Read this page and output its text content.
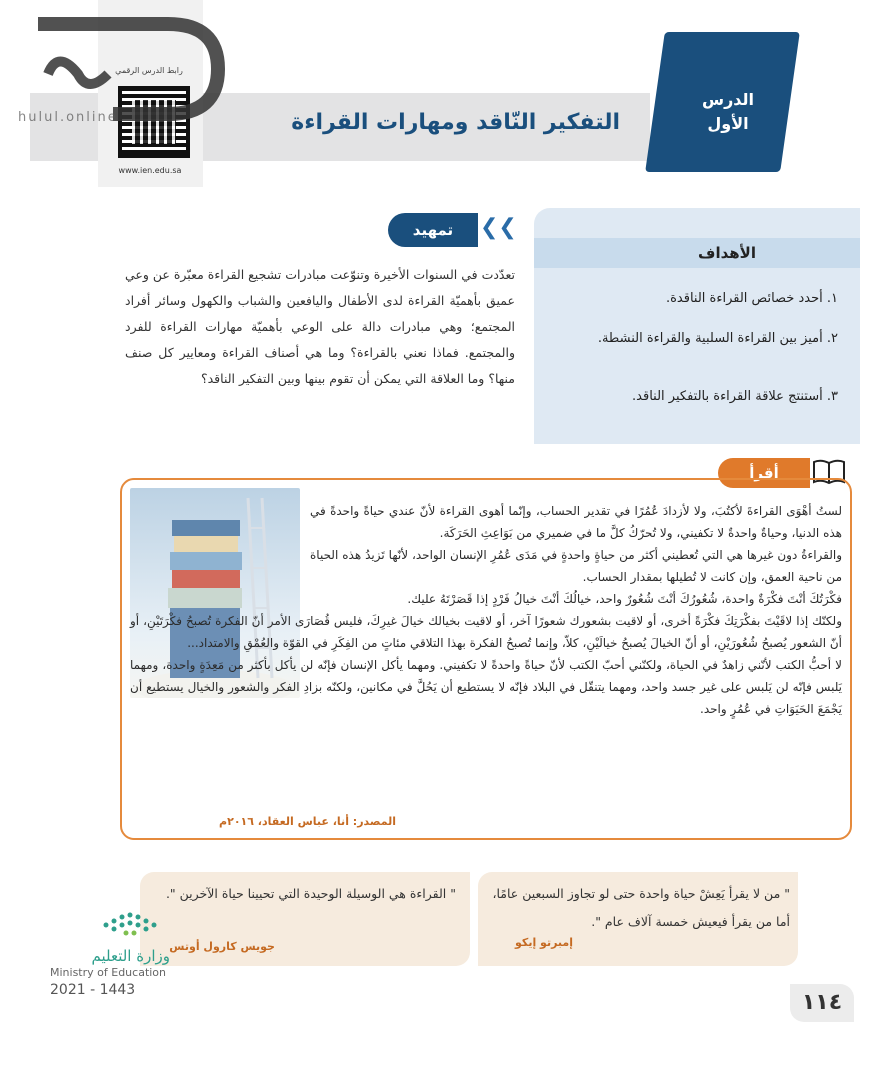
الدرس
الأول
التفكير النّاقد ومهارات القراءة
رابط الدرس الرقمي
www.ien.edu.sa
hulul.online
الأهداف
١. أحدد خصائص القراءة الناقدة.
٢. أميز بين القراءة السلبية والقراءة النشطة.
٣. أستنتج علاقة القراءة بالتفكير الناقد.
تمهيد	❮❮
تعدّدت في السنوات الأخيرة وتنوّعت مبادرات تشجيع القراءة معبّرة عن وعي عميق بأهميّة القراءة لدى الأطفال واليافعين والشباب والكهول وسائر أفراد المجتمع؛ وهي مبادرات دالة على الوعي بأهميّة مهارات القراءة للفرد والمجتمع. فماذا نعني بالقراءة؟ وما هي أصناف القراءة ومعايير كل صنف منها؟ وما العلاقة التي يمكن أن تقوم بينها وبين التفكير الناقد؟
أقرأ

لستُ أهْوَى القراءةَ لأكتُبَ، ولا لأزدادَ عُمُرًا في تقدير الحساب، وإنّما أهوى القراءة لأنّ عندي حياةً واحدةً في هذه الدنيا، وحياةٌ واحدةٌ لا تكفيني، ولا تُحرّكُ كلَّ ما في ضميري من بَوَاعِثِ الحَرَكَة.

والقراءةُ دون غيرها هي التي تُعطيني أكثر من حياةٍ واحدةٍ في مَدَى عُمُرِ الإنسان الواحد، لأنّها تَزيدُ هذه الحياة من ناحية العمق، وإن كانت لا تُطيلها بمقدار الحساب.

فكْرَتُكَ أنْتَ فكْرَةٌ واحدة، شُعُورُكَ أنْتَ شُعُورٌ واحد، خيالُكَ أنْتَ خيالُ فَرْدٍ إذا قَصَرْتَهُ عليك.

ولكنّك إذا لاقَيْتَ بفكْرَتِكَ فكْرَةً أخرى، أو لاقيت بشعورك شعورًا آخر، أو لاقيت بخيالك خيالَ غيرِكَ، فليس قُصَارَى الأمر أنّ الفكرة تُصبحُ فكْرَتَيْنِ، أو أنّ الشعور يُصبحُ شُعُورَيْنِ، أو أنّ الخيالَ يُصبحُ خيالَيْنِ، كلاّ، وإنما تُصبحُ الفكرة بهذا التلاقي مئاتٍ من الفِكَرِ في القوّة والعُمْقِ والامتداد...

لا أحبُّ الكتب لأنّني زاهدٌ في الحياة، ولكنّني أحبّ الكتب لأنّ حياةً واحدةً لا تكفيني. ومهما يأكل الإنسان فإنّه لن يأكل بأكثر من مَعِدَةٍ واحدة، ومهما يَلبس فإنّه لن يَلبس على غير جسد واحد، ومهما يتنقّل في البلاد فإنّه لا يستطيع أن يَحُلَّ في مكانين، ولكنّه بزادِ الفكر والشعور والخيال يستطيع أن يَجْمَعَ الحَيَوَاتِ في عُمُرٍ واحد.

المصدر: أنا، عباس العقاد، ٢٠١٦م
" من لا يقرأ يَعِشْ حياة واحدة حتى لو تجاوز السبعين عامًا، أما من يقرأ فيعيش خمسة آلاف عام ".
إمبرتو إيكو
" القراءة هي الوسيلة الوحيدة التي تحيينا حياة الآخرين ".
جويس كارول أوتس
وزارة التعليم
Ministry of Education
2021 - 1443	١١٤
